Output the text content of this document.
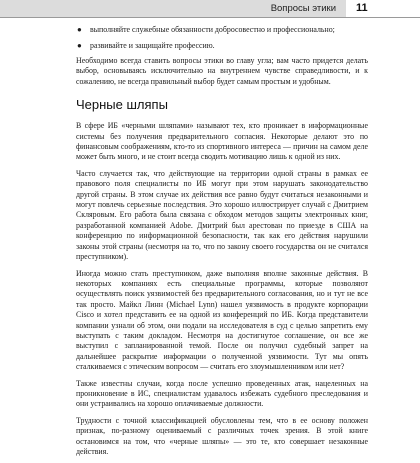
Вопросы этики 11
● выполняйте служебные обязанности добросовестно и профессионально;
● развивайте и защищайте профессию.

Необходимо всегда ставить вопросы этики во главу угла; вам часто придется делать выбор, основываясь исключительно на внутреннем чувстве справедливости, и к сожалению, не всегда правильный выбор будет самым простым и удобным.

Черные шляпы

В сфере ИБ «черными шляпами» называют тех, кто проникает в информационные системы без получения предварительного согласия. Некоторые делают это по финансовым соображениям, кто-то из спортивного интереса — причин на самом деле может быть много, и не стоит всегда сводить мотивацию лишь к одной из них.

Часто случается так, что действующие на территории одной страны в рамках ее правового поля специалисты по ИБ могут при этом нарушать законодательство другой страны. В этом случае их действия все равно будут считаться незаконными и могут повлечь серьезные последствия. Это хорошо иллюстрирует случай с Дмитрием Скляровым. Его работа была связана с обходом методов защиты электронных книг, разработанной компанией Adobe. Дмитрий был арестован по приезде в США на конференцию по информационной безопасности, так как его действия нарушили законы этой страны (несмотря на то, что по закону своего государства он не считался преступником).

Иногда можно стать преступником, даже выполняя вполне законные действия. В некоторых компаниях есть специальные программы, которые позволяют осуществлять поиск уязвимостей без предварительного согласования, но и тут не все так просто. Майкл Линн (Michael Lynn) нашел уязвимость в продукте корпорации Cisco и хотел представить ее на одной из конференций по ИБ. Когда представители компании узнали об этом, они подали на исследователя в суд с целью запретить ему выступать с таким докладом. Несмотря на достигнутое соглашение, он все же выступил с запланированной темой. После он получил судебный запрет на дальнейшее раскрытие информации о полученной уязвимости. Тут мы опять сталкиваемся с этическим вопросом — считать его злоумышленником или нет?

Также известны случаи, когда после успешно проведенных атак, нацеленных на проникновение в ИС, специалистам удавалось избежать судебного преследования и они устраивались на хорошо оплачиваемые должности.

Трудности с точной классификацией обусловлены тем, что в ее основу положен признак, по-разному оцениваемый с различных точек зрения. В этой книге остановимся на том, что «черные шляпы» — это те, кто совершает незаконные действия.
